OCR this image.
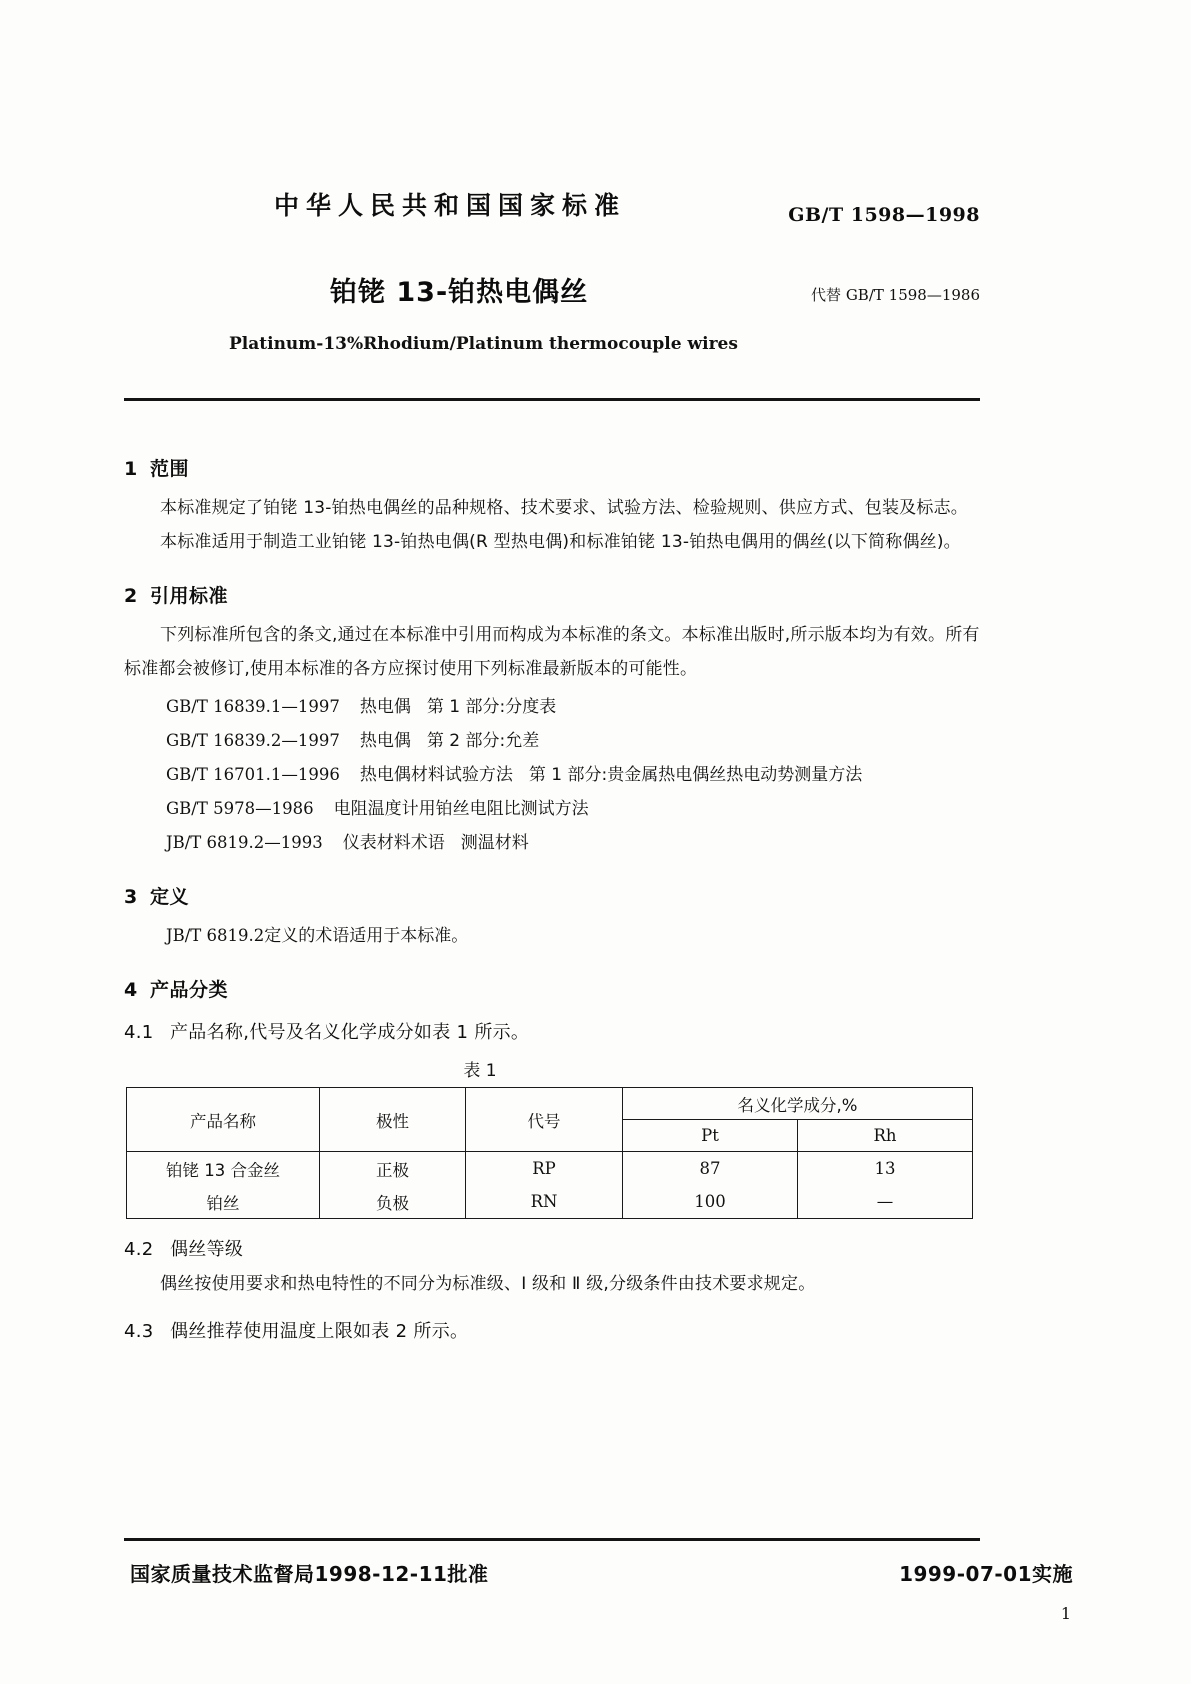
中华人民共和国国家标准	GB/T 1598—1998
铂铑 13-铂热电偶丝	代替 GB/T 1598—1986
Platinum-13%Rhodium/Platinum thermocouple wires
1 范围

本标准规定了铂铑 13-铂热电偶丝的品种规格、技术要求、试验方法、检验规则、供应方式、包装及标志。

本标准适用于制造工业铂铑 13-铂热电偶(R 型热电偶)和标准铂铑 13-铂热电偶用的偶丝(以下简称偶丝)。

2 引用标准

下列标准所包含的条文,通过在本标准中引用而构成为本标准的条文。本标准出版时,所示版本均为有效。所有标准都会被修订,使用本标准的各方应探讨使用下列标准最新版本的可能性。

GB/T 16839.1—1997 热电偶 第 1 部分:分度表
GB/T 16839.2—1997 热电偶 第 2 部分:允差
GB/T 16701.1—1996 热电偶材料试验方法 第 1 部分:贵金属热电偶丝热电动势测量方法
GB/T 5978—1986 电阻温度计用铂丝电阻比测试方法
JB/T 6819.2—1993 仪表材料术语 测温材料
3 定义

JB/T 6819.2定义的术语适用于本标准。

4 产品分类
4.1 产品名称,代号及名义化学成分如表 1 所示。
表 1
产品名称	极性	代号	名义化学成分,%	
			Pt	Rh
铂铑 13 合金丝	正极	RP	87	13
铂丝	负极	RN	100	—
4.2 偶丝等级

偶丝按使用要求和热电特性的不同分为标准级、Ⅰ 级和 Ⅱ 级,分级条件由技术要求规定。

4.3 偶丝推荐使用温度上限如表 2 所示。
国家质量技术监督局1998-12-11批准	1999-07-01实施
1
